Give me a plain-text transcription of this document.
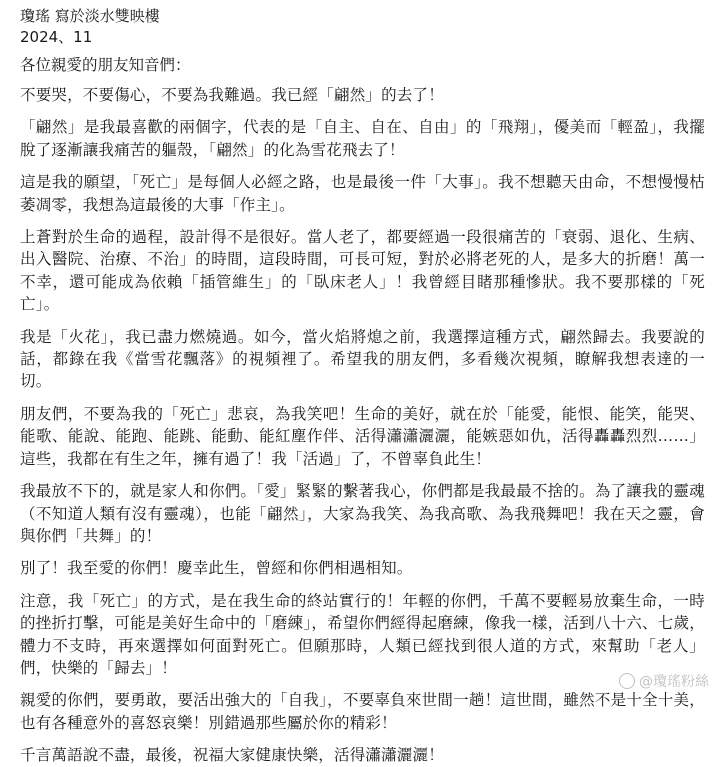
瓊瑤 寫於淡水雙映樓
2024、11
各位親愛的朋友知音們：
不要哭，不要傷心，不要為我難過。我已經「翩然」的去了！
「翩然」是我最喜歡的兩個字，代表的是「自主、自在、自由」的「飛翔」，優美而「輕盈」，我擺脫了逐漸讓我痛苦的軀殼，「翩然」的化為雪花飛去了！
這是我的願望，「死亡」是每個人必經之路，也是最後一件「大事」。我不想聽天由命，不想慢慢枯萎凋零，我想為這最後的大事「作主」。
上蒼對於生命的過程，設計得不是很好。當人老了，都要經過一段很痛苦的「衰弱、退化、生病、出入醫院、治療、不治」的時間，這段時間，可長可短，對於必將老死的人，是多大的折磨！萬一不幸，還可能成為依賴「插管維生」的「臥床老人」！我曾經目睹那種慘狀。我不要那樣的「死亡」。
我是「火花」，我已盡力燃燒過。如今，當火焰將熄之前，我選擇這種方式，翩然歸去。我要說的話，都錄在我《當雪花飄落》的視頻裡了。希望我的朋友們，多看幾次視頻，瞭解我想表達的一切。
朋友們，不要為我的「死亡」悲哀，為我笑吧！生命的美好，就在於「能愛，能恨、能笑，能哭、能歌、能說、能跑、能跳、能動、能紅塵作伴、活得瀟瀟灑灑，能嫉惡如仇，活得轟轟烈烈……」這些，我都在有生之年，擁有過了！我「活過」了，不曾辜負此生！
我最放不下的，就是家人和你們。「愛」緊緊的繫著我心，你們都是我最最不捨的。為了讓我的靈魂（不知道人類有沒有靈魂），也能「翩然」，大家為我笑、為我高歌、為我飛舞吧！我在天之靈，會與你們「共舞」的！
別了！我至愛的你們！慶幸此生，曾經和你們相遇相知。
注意，我「死亡」的方式，是在我生命的終站實行的！年輕的你們，千萬不要輕易放棄生命，一時的挫折打擊，可能是美好生命中的「磨練」，希望你們經得起磨練，像我一樣，活到八十六、七歲，體力不支時，再來選擇如何面對死亡。但願那時，人類已經找到很人道的方式，來幫助「老人」們，快樂的「歸去」！
親愛的你們，要勇敢，要活出強大的「自我」，不要辜負來世間一趟！這世間，雖然不是十全十美，也有各種意外的喜怒哀樂！別錯過那些屬於你的精彩！
千言萬語說不盡，最後，祝福大家健康快樂，活得瀟瀟灑灑！
@瓊瑤粉絲
